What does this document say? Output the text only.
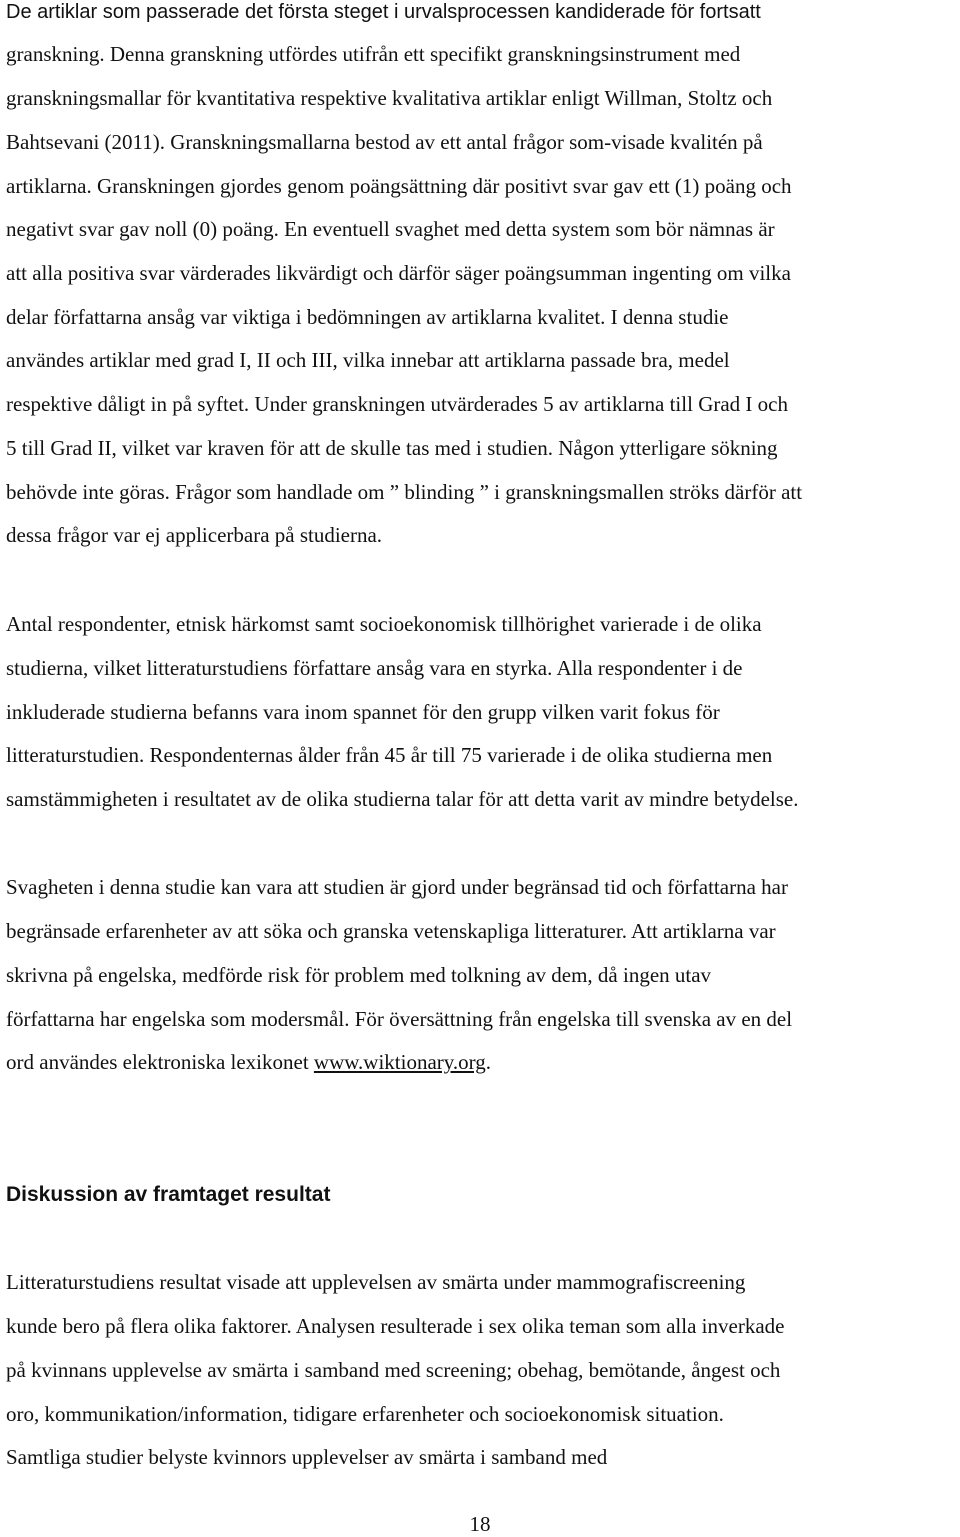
De artiklar som passerade det första steget i urvalsprocessen kandiderade för fortsatt
granskning. Denna granskning utfördes utifrån ett specifikt granskningsinstrument med
granskningsmallar för kvantitativa respektive kvalitativa artiklar enligt Willman, Stoltz och
Bahtsevani (2011). Granskningsmallarna bestod av ett antal frågor som-visade kvalitén på
artiklarna. Granskningen gjordes genom poängsättning där positivt svar gav ett (1) poäng och
negativt svar gav noll (0) poäng. En eventuell svaghet med detta system som bör nämnas är
att alla positiva svar värderades likvärdigt och därför säger poängsumman ingenting om vilka
delar författarna ansåg var viktiga i bedömningen av artiklarna kvalitet. I denna studie
användes artiklar med grad I, II och III, vilka innebar att artiklarna passade bra, medel
respektive dåligt in på syftet. Under granskningen utvärderades 5 av artiklarna till Grad I och
5 till Grad II, vilket var kraven för att de skulle tas med i studien. Någon ytterligare sökning
behövde inte göras. Frågor som handlade om ” blinding ” i granskningsmallen ströks därför att
dessa frågor var ej applicerbara på studierna.
Antal respondenter, etnisk härkomst samt socioekonomisk tillhörighet varierade i de olika
studierna, vilket litteraturstudiens författare ansåg vara en styrka. Alla respondenter i de
inkluderade studierna befanns vara inom spannet för den grupp vilken varit fokus för
litteraturstudien. Respondenternas ålder från 45 år till 75 varierade i de olika studierna men
samstämmigheten i resultatet av de olika studierna talar för att detta varit av mindre betydelse.
Svagheten i denna studie kan vara att studien är gjord under begränsad tid och författarna har
begränsade erfarenheter av att söka och granska vetenskapliga litteraturer. Att artiklarna var
skrivna på engelska, medförde risk för problem med tolkning av dem, då ingen utav
författarna har engelska som modersmål. För översättning från engelska till svenska av en del
ord användes elektroniska lexikonet www.wiktionary.org.
Diskussion av framtaget resultat
Litteraturstudiens resultat visade att upplevelsen av smärta under mammografiscreening
kunde bero på flera olika faktorer. Analysen resulterade i sex olika teman som alla inverkade
på kvinnans upplevelse av smärta i samband med screening; obehag, bemötande, ångest och
oro, kommunikation/information, tidigare erfarenheter och socioekonomisk situation.
Samtliga studier belyste kvinnors upplevelser av smärta i samband med
18
